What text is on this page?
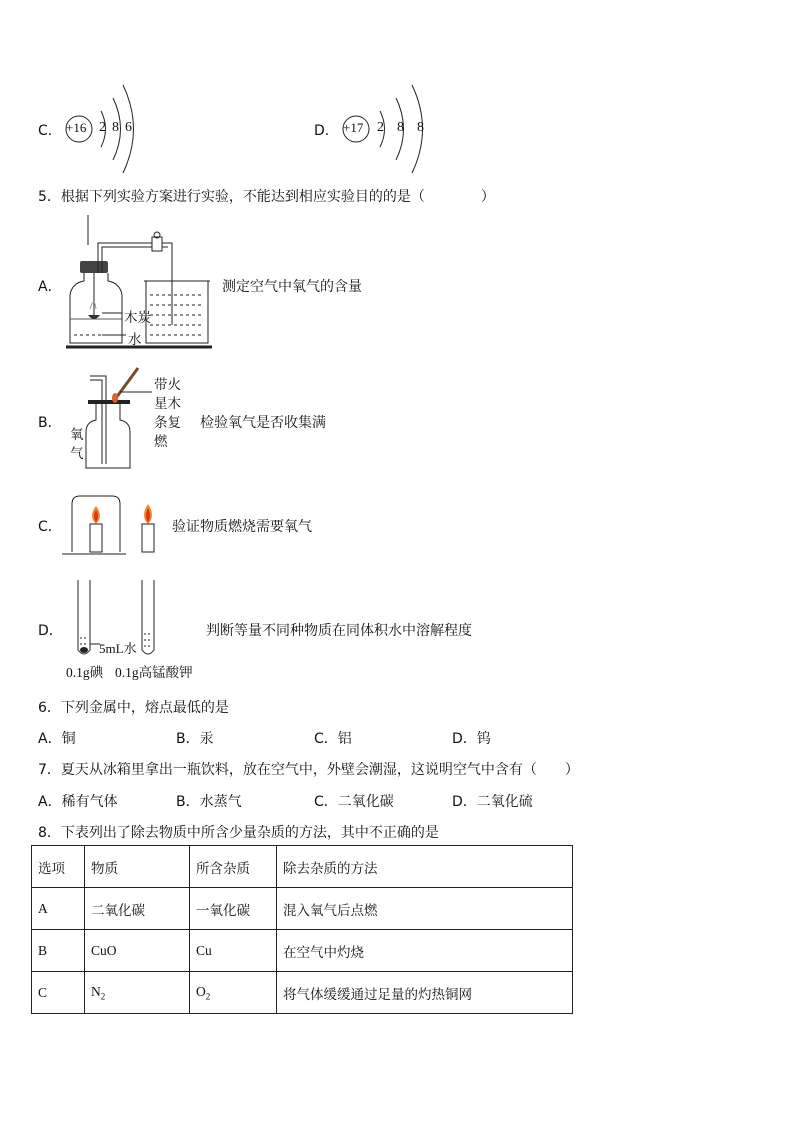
C． +16 2 8 6	D． +17 2 8 8
5．根据下列实验方案进行实验，不能达到相应实验目的的是（　　　　）
A．
木炭
水
测定空气中氧气的含量
B．
带火
星木
条复
燃
氧
气
检验氧气是否收集满
C．	验证物质燃烧需要氧气
D．
5mL水
0.1g碘 0.1g高锰酸钾
判断等量不同种物质在同体积水中溶解程度
6．下列金属中，熔点最低的是
A．铜	B．汞	C．铝	D．钨
7．夏天从冰箱里拿出一瓶饮料，放在空气中，外壁会潮湿，这说明空气中含有（　　）
A．稀有气体	B．水蒸气	C．二氧化碳	D．二氧化硫
8．下表列出了除去物质中所含少量杂质的方法，其中不正确的是
选项	物质	所含杂质	除去杂质的方法
A	二氧化碳	一氧化碳	混入氧气后点燃
B	CuO	Cu	在空气中灼烧
C	$N_2$	$O_2$	将气体缓缓通过足量的灼热铜网
